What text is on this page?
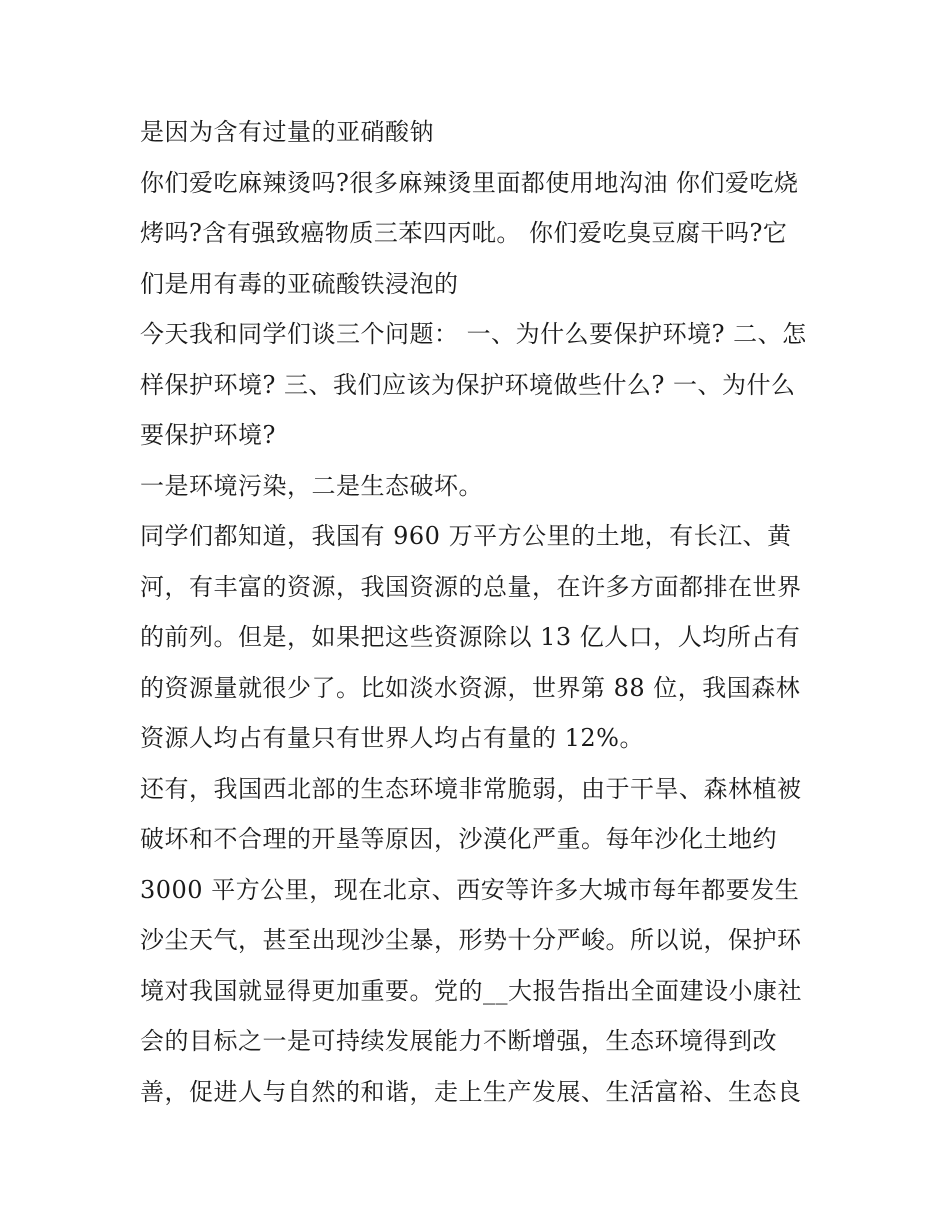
是因为含有过量的亚硝酸钠
你们爱吃麻辣烫吗?很多麻辣烫里面都使用地沟油 你们爱吃烧
烤吗?含有强致癌物质三苯四丙吡。 你们爱吃臭豆腐干吗?它
们是用有毒的亚硫酸铁浸泡的
今天我和同学们谈三个问题： 一、为什么要保护环境? 二、怎
样保护环境? 三、我们应该为保护环境做些什么? 一、为什么
要保护环境?
一是环境污染，二是生态破坏。
同学们都知道，我国有 960 万平方公里的土地，有长江、黄
河，有丰富的资源，我国资源的总量，在许多方面都排在世界
的前列。但是，如果把这些资源除以 13 亿人口，人均所占有
的资源量就很少了。比如淡水资源，世界第 88 位，我国森林
资源人均占有量只有世界人均占有量的 12%。
还有，我国西北部的生态环境非常脆弱，由于干旱、森林植被
破坏和不合理的开垦等原因，沙漠化严重。每年沙化土地约
3000 平方公里，现在北京、西安等许多大城市每年都要发生
沙尘天气，甚至出现沙尘暴，形势十分严峻。所以说，保护环
境对我国就显得更加重要。党的__大报告指出全面建设小康社
会的目标之一是可持续发展能力不断增强，生态环境得到改
善，促进人与自然的和谐，走上生产发展、生活富裕、生态良
